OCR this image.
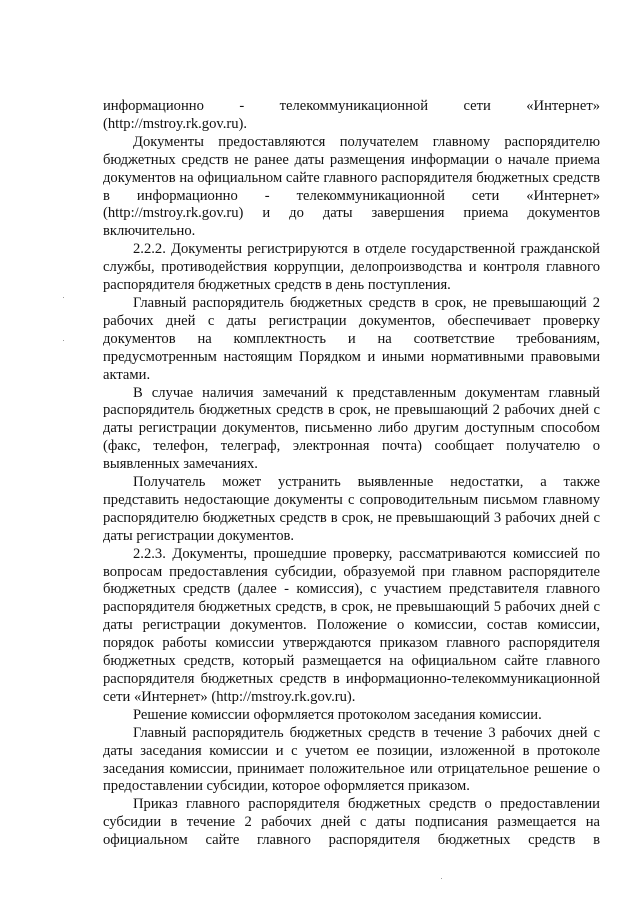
информационно - телекоммуникационной сети «Интернет» (http://mstroy.rk.gov.ru).

Документы предоставляются получателем главному распорядителю бюджетных средств не ранее даты размещения информации о начале приема документов на официальном сайте главного распорядителя бюджетных средств в информационно - телекоммуникационной сети «Интернет» (http://mstroy.rk.gov.ru) и до даты завершения приема документов включительно.

2.2.2. Документы регистрируются в отделе государственной гражданской службы, противодействия коррупции, делопроизводства и контроля главного распорядителя бюджетных средств в день поступления.

Главный распорядитель бюджетных средств в срок, не превышающий 2 рабочих дней с даты регистрации документов, обеспечивает проверку документов на комплектность и на соответствие требованиям, предусмотренным настоящим Порядком и иными нормативными правовыми актами.

В случае наличия замечаний к представленным документам главный распорядитель бюджетных средств в срок, не превышающий 2 рабочих дней с даты регистрации документов, письменно либо другим доступным способом (факс, телефон, телеграф, электронная почта) сообщает получателю о выявленных замечаниях.

Получатель может устранить выявленные недостатки, а также представить недостающие документы с сопроводительным письмом главному распорядителю бюджетных средств в срок, не превышающий 3 рабочих дней с даты регистрации документов.

2.2.3. Документы, прошедшие проверку, рассматриваются комиссией по вопросам предоставления субсидии, образуемой при главном распорядителе бюджетных средств (далее - комиссия), с участием представителя главного распорядителя бюджетных средств, в срок, не превышающий 5 рабочих дней с даты регистрации документов. Положение о комиссии, состав комиссии, порядок работы комиссии утверждаются приказом главного распорядителя бюджетных средств, который размещается на официальном сайте главного распорядителя бюджетных средств в информационно-телекоммуникационной сети «Интернет» (http://mstroy.rk.gov.ru).

Решение комиссии оформляется протоколом заседания комиссии.

Главный распорядитель бюджетных средств в течение 3 рабочих дней с даты заседания комиссии и с учетом ее позиции, изложенной в протоколе заседания комиссии, принимает положительное или отрицательное решение о предоставлении субсидии, которое оформляется приказом.

Приказ главного распорядителя бюджетных средств о предоставлении субсидии в течение 2 рабочих дней с даты подписания размещается на официальном сайте главного распорядителя бюджетных средств в
